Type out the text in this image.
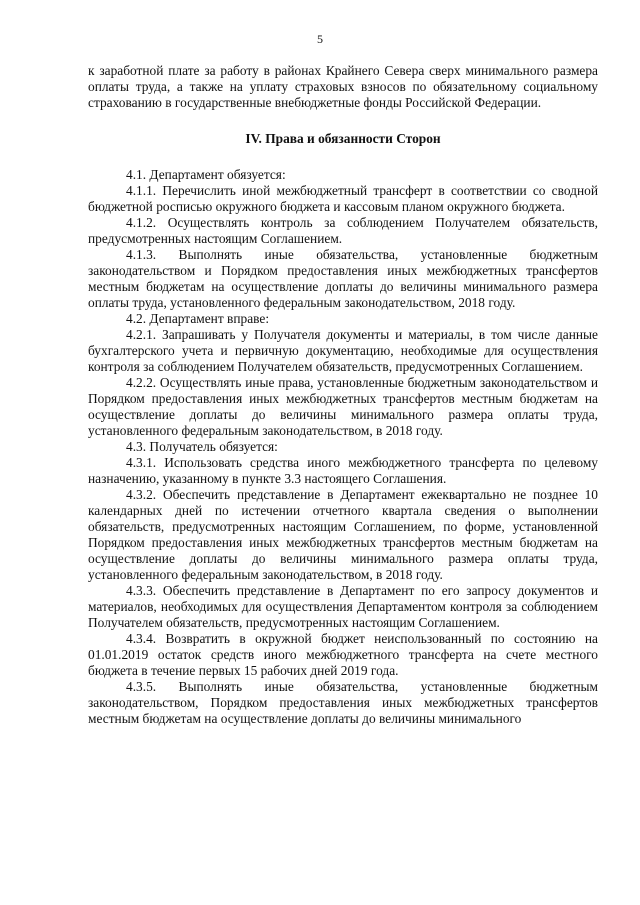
5

к заработной плате за работу в районах Крайнего Севера сверх минимального размера оплаты труда, а также на уплату страховых взносов по обязательному социальному страхованию в государственные внебюджетные фонды Российской Федерации.

IV. Права и обязанности Сторон

4.1. Департамент обязуется:

4.1.1. Перечислить иной межбюджетный трансферт в соответствии со сводной бюджетной росписью окружного бюджета и кассовым планом окружного бюджета.

4.1.2. Осуществлять контроль за соблюдением Получателем обязательств, предусмотренных настоящим Соглашением.

4.1.3. Выполнять иные обязательства, установленные бюджетным законодательством и Порядком предоставления иных межбюджетных трансфертов местным бюджетам на осуществление доплаты до величины минимального размера оплаты труда, установленного федеральным законодательством, 2018 году.

4.2. Департамент вправе:

4.2.1. Запрашивать у Получателя документы и материалы, в том числе данные бухгалтерского учета и первичную документацию, необходимые для осуществления контроля за соблюдением Получателем обязательств, предусмотренных Соглашением.

4.2.2. Осуществлять иные права, установленные бюджетным законодательством и Порядком предоставления иных межбюджетных трансфертов местным бюджетам на осуществление доплаты до величины минимального размера оплаты труда, установленного федеральным законодательством, в 2018 году.

4.3. Получатель обязуется:

4.3.1. Использовать средства иного межбюджетного трансферта по целевому назначению, указанному в пункте 3.3 настоящего Соглашения.

4.3.2. Обеспечить представление в Департамент ежеквартально не позднее 10 календарных дней по истечении отчетного квартала сведения о выполнении обязательств, предусмотренных настоящим Соглашением, по форме, установленной Порядком предоставления иных межбюджетных трансфертов местным бюджетам на осуществление доплаты до величины минимального размера оплаты труда, установленного федеральным законодательством, в 2018 году.

4.3.3. Обеспечить представление в Департамент по его запросу документов и материалов, необходимых для осуществления Департаментом контроля за соблюдением Получателем обязательств, предусмотренных настоящим Соглашением.

4.3.4. Возвратить в окружной бюджет неиспользованный по состоянию на 01.01.2019 остаток средств иного межбюджетного трансферта на счете местного бюджета в течение первых 15 рабочих дней 2019 года.

4.3.5. Выполнять иные обязательства, установленные бюджетным законодательством, Порядком предоставления иных межбюджетных трансфертов местным бюджетам на осуществление доплаты до величины минимального
